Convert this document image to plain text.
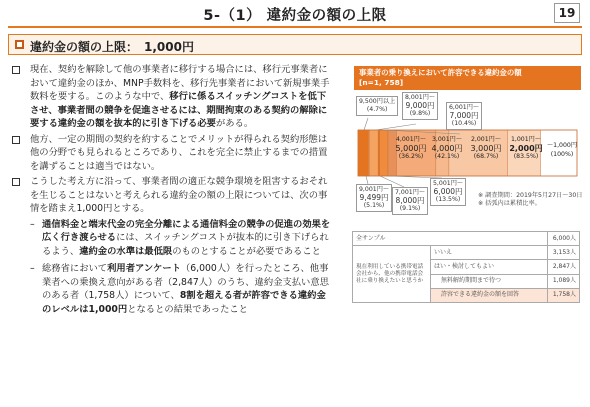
5-（1） 違約金の額の上限	19
違約金の額の上限：　1,000円
現在、契約を解除して他の事業者に移行する場合には、移行元事業者において違約金のほか、MNP手数料を、移行先事業者において新規事業手数料を要する。このような中で、移行に係るスイッチングコストを低下させ、事業者間の競争を促進させるには、期間拘束のある契約の解除に要する違約金の額を抜本的に引き下げる必要がある。
他方、一定の期間の契約を約することでメリットが得られる契約形態は他の分野でも見られるところであり、これを完全に禁止するまでの措置を講ずることは適当ではない。
こうした考え方に沿って、事業者間の適正な競争環境を阻害するおそれを生じることはないと考えられる違約金の額の上限については、次の事情を踏まえ1,000円とする。
– 通信料金と端末代金の完全分離による通信料金の競争の促進の効果を広く行き渡らせるには、スイッチングコストが抜本的に引き下げられるよう、違約金の水準は最低限のものとすることが必要であること
– 総務省において利用者アンケート（6,000人）を行ったところ、他事業者への乗換え意向がある者（2,847人）のうち、違約金支払い意思のある者（1,758人）について、8割を超える者が許容できる違約金のレベルは1,000円となるとの結果であったこと
事業者の乗り換えにおいて許容できる違約金の額
[n=1, 758]
9,500円以上
(4.7%)
8,001円～
9,000円
(9.8%)
6,001円～
7,000円
(10.4%)
4,001円～
5,000円
(36.2%)
3,001円～
4,000円
(42.1%)
2,001円～
3,000円
(68.7%)
1,001円～
2,000円
(83.5%)
～1,000円
(100%)
9,001円～
9,499円
(5.1%)
7,001円～
8,000円
(9.1%)
5,001円～
6,000円
(13.5%)
※ 調査期間：2019年5月27日～30日
※ 括弧内は累積比率。
全サンプル		6,000人
現在利用している携帯電話会社から、他の携帯電話会社に乗り換えたいと思うか	いいえ	3,153人
	はい・検討してもよい	2,847人
	無料解約期間まで待つ	1,089人
	許容できる違約金の額を回答	1,758人
